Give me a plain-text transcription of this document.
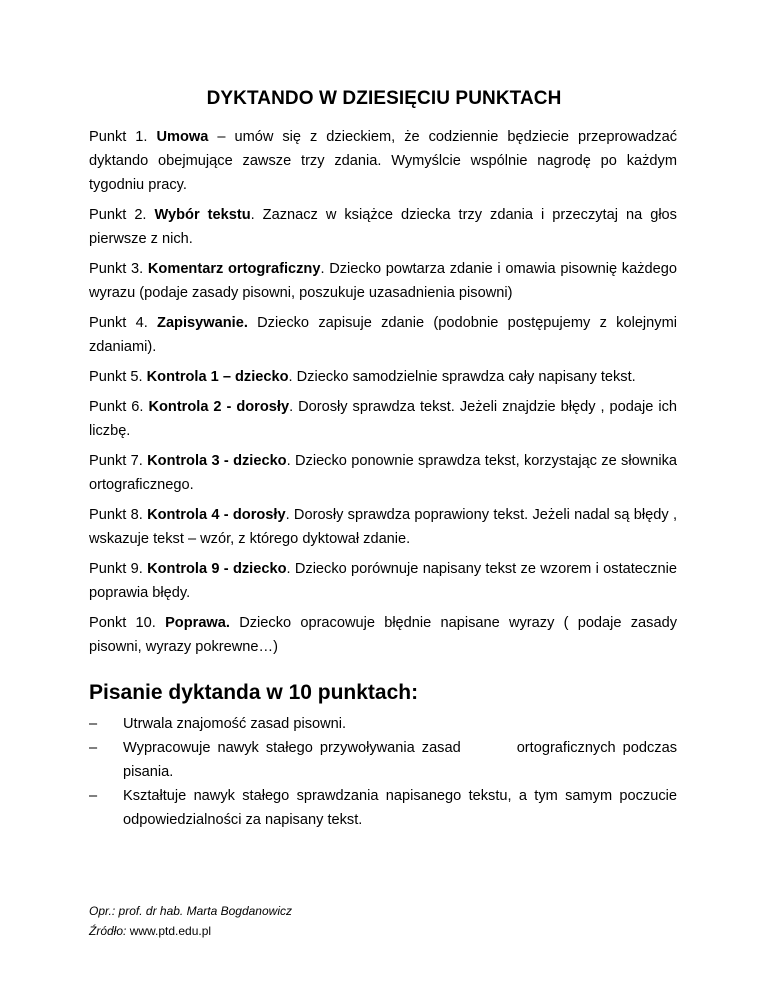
DYKTANDO W DZIESIĘCIU PUNKTACH

Punkt 1. Umowa – umów się z dzieckiem, że codziennie będziecie przeprowadzać dyktando obejmujące zawsze trzy zdania. Wymyślcie wspólnie nagrodę po każdym tygodniu pracy.

Punkt 2. Wybór tekstu. Zaznacz w książce dziecka trzy zdania i przeczytaj na głos pierwsze z nich.

Punkt 3. Komentarz ortograficzny. Dziecko powtarza zdanie i omawia pisownię każdego wyrazu (podaje zasady pisowni, poszukuje uzasadnienia pisowni)

Punkt 4. Zapisywanie. Dziecko zapisuje zdanie (podobnie postępujemy z kolejnymi zdaniami).

Punkt 5. Kontrola 1 – dziecko. Dziecko samodzielnie sprawdza cały napisany tekst.

Punkt 6. Kontrola 2 - dorosły. Dorosły sprawdza tekst. Jeżeli znajdzie błędy , podaje ich liczbę.

Punkt 7. Kontrola 3 - dziecko. Dziecko ponownie sprawdza tekst, korzystając ze słownika ortograficznego.

Punkt 8. Kontrola 4 - dorosły. Dorosły sprawdza poprawiony tekst. Jeżeli nadal są błędy , wskazuje tekst – wzór, z którego dyktował zdanie.

Punkt 9. Kontrola 9 - dziecko. Dziecko porównuje napisany tekst ze wzorem i ostatecznie poprawia błędy.

Ponkt 10. Poprawa. Dziecko opracowuje błędnie napisane wyrazy ( podaje zasady pisowni, wyrazy pokrewne…)

Pisanie dyktanda w 10 punktach:
–	Utrwala znajomość zasad pisowni.
–	Wypracowuje nawyk stałego przywoływania zasad        ortograficznych podczas pisania.
–	Kształtuje nawyk stałego sprawdzania napisanego tekstu, a tym samym poczucie odpowiedzialności za napisany tekst.
Opr.: prof. dr hab. Marta Bogdanowicz
Źródło: www.ptd.edu.pl
